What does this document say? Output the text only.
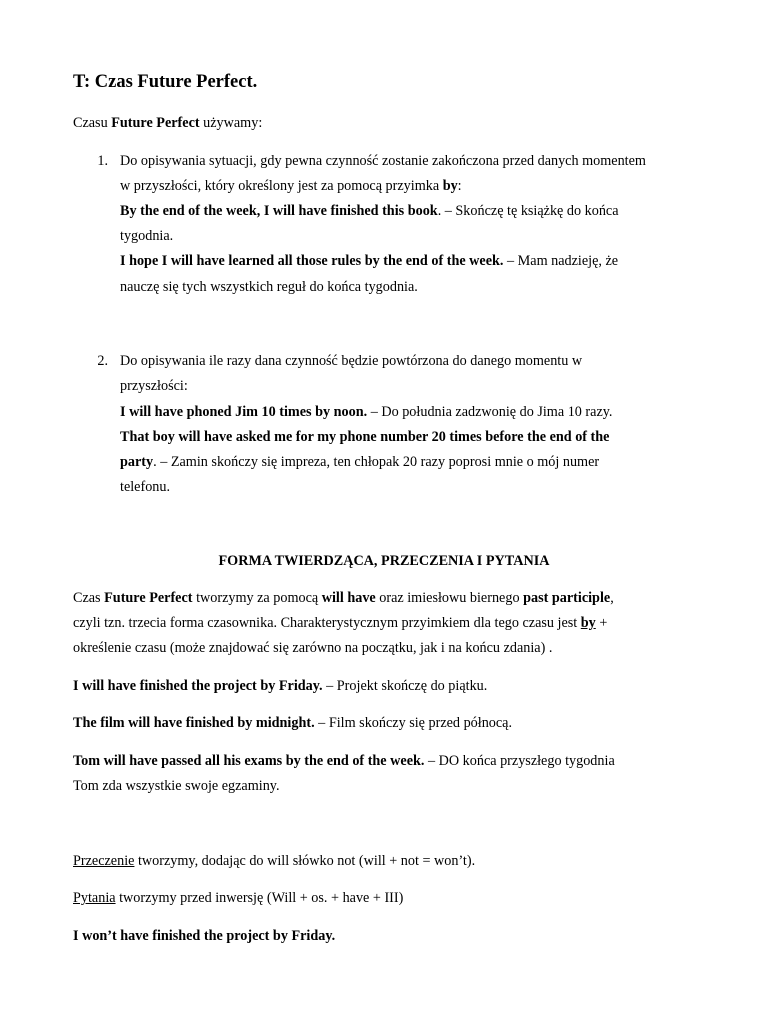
T: Czas Future Perfect.
Czasu Future Perfect używamy:
1. Do opisywania sytuacji, gdy pewna czynność zostanie zakończona przed danych momentem
w przyszłości, który określony jest za pomocą przyimka by:
By the end of the week, I will have finished this book. – Skończę tę książkę do końca
tygodnia.
I hope I will have learned all those rules by the end of the week. – Mam nadzieję, że
nauczę się tych wszystkich reguł do końca tygodnia.
2. Do opisywania ile razy dana czynność będzie powtórzona do danego momentu w
przyszłości:
I will have phoned Jim 10 times by noon. – Do południa zadzwonię do Jima 10 razy.
That boy will have asked me for my phone number 20 times before the end of the
party. – Zamin skończy się impreza, ten chłopak 20 razy poprosi mnie o mój numer
telefonu.
FORMA TWIERDZĄCA, PRZECZENIA I PYTANIA
Czas Future Perfect tworzymy za pomocą will have oraz imiesłowu biernego past participle,
czyli tzn. trzecia forma czasownika. Charakterystycznym przyimkiem dla tego czasu jest by +
określenie czasu (może znajdować się zarówno na początku, jak i na końcu zdania) .
I will have finished the project by Friday. – Projekt skończę do piątku.
The film will have finished by midnight. – Film skończy się przed północą.
Tom will have passed all his exams by the end of the week. – DO końca przyszłego tygodnia
Tom zda wszystkie swoje egzaminy.
Przeczenie tworzymy, dodając do will słówko not (will + not = won’t).
Pytania tworzymy przed inwersję (Will + os. + have + III)
I won’t have finished the project by Friday.
